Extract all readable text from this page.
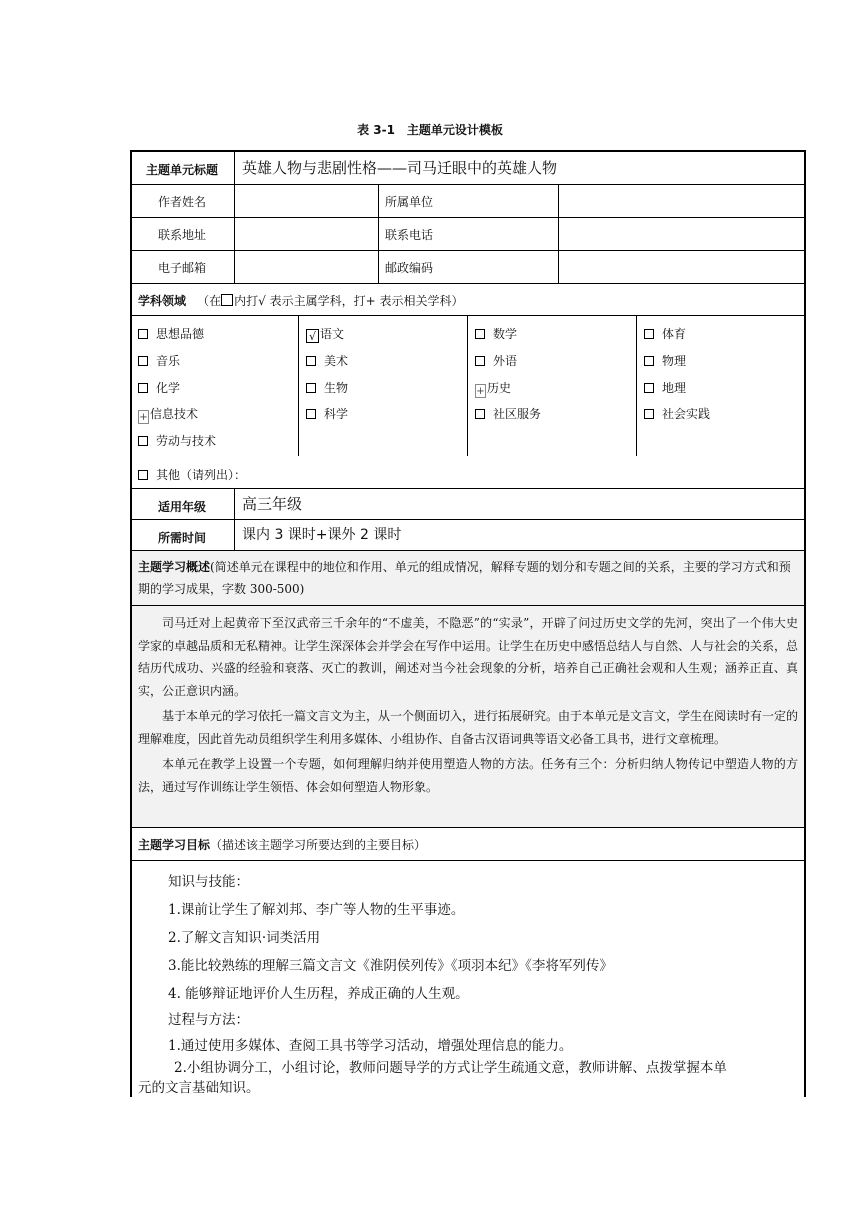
表 3-1　主题单元设计模板
主题单元标题	英雄人物与悲剧性格——司马迁眼中的英雄人物
作者姓名	所属单位
联系地址	联系电话
电子邮箱	邮政编码
学科领域 （在 内打√ 表示主属学科，打+ 表示相关学科）
思想品德	√ 语文	数学	体育
音乐	美术	外语	物理
化学	生物	+ 历史	地理
+ 信息技术	科学	社区服务	社会实践
劳动与技术
其他（请列出）：
适用年级	高三年级
所需时间	课内 3 课时+课外 2 课时
主题学习概述(简述单元在课程中的地位和作用、单元的组成情况，解释专题的划分和专题之间的关系，主要的学习方式和预期的学习成果，字数 300-500)

司马迁对上起黄帝下至汉武帝三千余年的“不虚美，不隐恶”的“实录”，开辟了问过历史文学的先河，突出了一个伟大史学家的卓越品质和无私精神。让学生深深体会并学会在写作中运用。让学生在历史中感悟总结人与自然、人与社会的关系，总结历代成功、兴盛的经验和衰落、灭亡的教训，阐述对当今社会现象的分析，培养自己正确社会观和人生观；涵养正直、真实，公正意识内涵。

基于本单元的学习依托一篇文言文为主，从一个侧面切入，进行拓展研究。由于本单元是文言文，学生在阅读时有一定的理解难度，因此首先动员组织学生利用多媒体、小组协作、自备古汉语词典等语文必备工具书，进行文章梳理。

本单元在教学上设置一个专题，如何理解归纳并使用塑造人物的方法。任务有三个：分析归纳人物传记中塑造人物的方法，通过写作训练让学生领悟、体会如何塑造人物形象。

主题学习目标（描述该主题学习所要达到的主要目标）
知识与技能：
1.课前让学生了解刘邦、李广等人物的生平事迹。
2.了解文言知识·词类活用
3.能比较熟练的理解三篇文言文《淮阴侯列传》《项羽本纪》《李将军列传》
4. 能够辩证地评价人生历程，养成正确的人生观。
过程与方法：
1.通过使用多媒体、查阅工具书等学习活动，增强处理信息的能力。
2.小组协调分工，小组讨论，教师问题导学的方式让学生疏通文意，教师讲解、点拨掌握本单
元的文言基础知识。
